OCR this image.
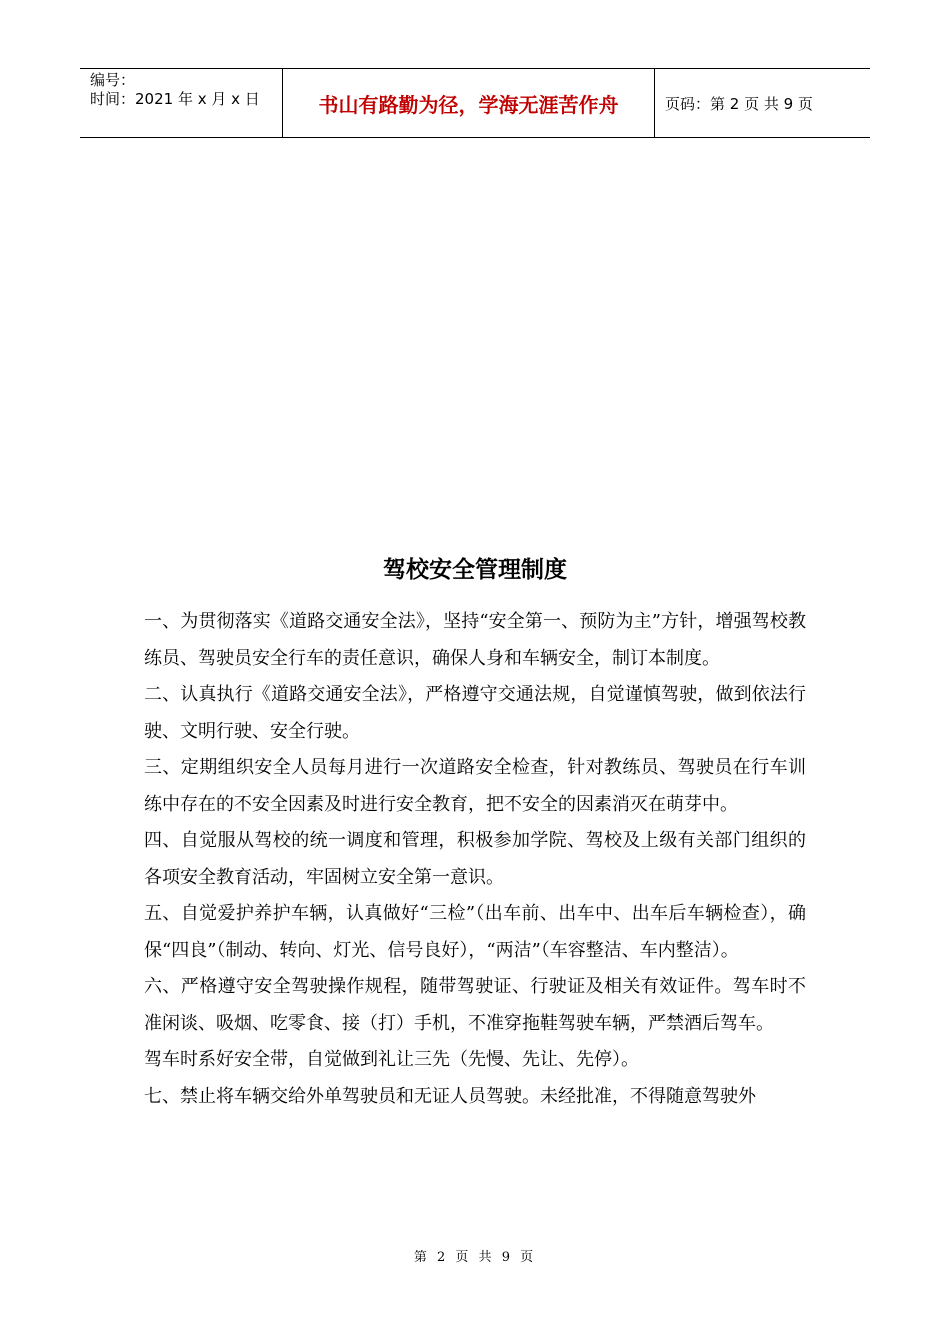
编号：
时间：2021 年 x 月 x 日	书山有路勤为径，学海无涯苦作舟	页码：第 2 页 共 9 页
驾校安全管理制度

一、为贯彻落实《道路交通安全法》，坚持“安全第一、预防为主”方针，增强驾校教练员、驾驶员安全行车的责任意识，确保人身和车辆安全，制订本制度。

二、认真执行《道路交通安全法》，严格遵守交通法规，自觉谨慎驾驶，做到依法行驶、文明行驶、安全行驶。

三、定期组织安全人员每月进行一次道路安全检查，针对教练员、驾驶员在行车训练中存在的不安全因素及时进行安全教育，把不安全的因素消灭在萌芽中。

四、自觉服从驾校的统一调度和管理，积极参加学院、驾校及上级有关部门组织的各项安全教育活动，牢固树立安全第一意识。

五、自觉爱护养护车辆，认真做好“三检”（出车前、出车中、出车后车辆检查），确保“四良”（制动、转向、灯光、信号良好），“两洁”（车容整洁、车内整洁）。

六、严格遵守安全驾驶操作规程，随带驾驶证、行驶证及相关有效证件。驾车时不准闲谈、吸烟、吃零食、接（打）手机，不准穿拖鞋驾驶车辆，严禁酒后驾车。

驾车时系好安全带，自觉做到礼让三先（先慢、先让、先停）。

七、禁止将车辆交给外单驾驶员和无证人员驾驶。未经批准，不得随意驾驶外

第 2 页 共 9 页
